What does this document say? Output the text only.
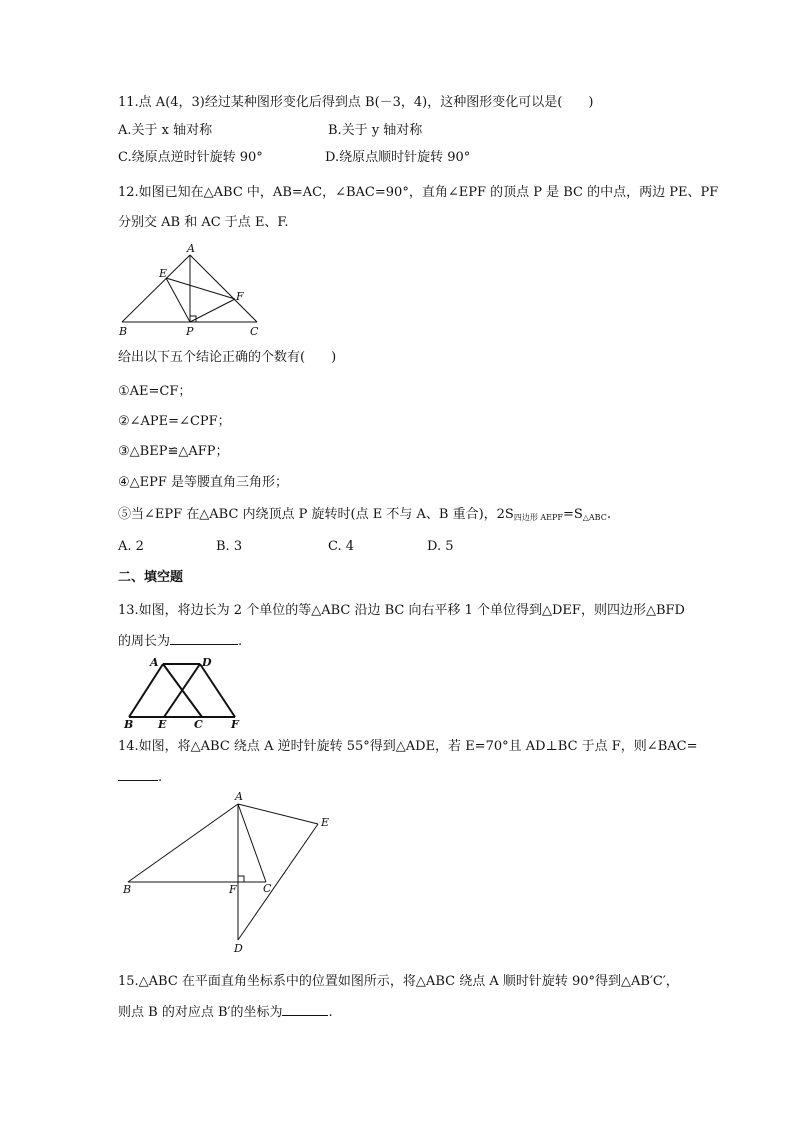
11.点 A(4，3)经过某种图形变化后得到点 B(－3，4)，这种图形变化可以是(　　)
A.关于 x 轴对称	B.关于 y 轴对称
C.绕原点逆时针旋转 90°	D.绕原点顺时针旋转 90°
12.如图已知在△ABC 中，AB=AC，∠BAC=90°，直角∠EPF 的顶点 P 是 BC 的中点，两边 PE、PF
分别交 AB 和 AC 于点 E、F.
A
E
F
B	P	C
给出以下五个结论正确的个数有(　　)
①AE=CF；
②∠APE=∠CPF；
③△BEP≌△AFP；
④△EPF 是等腰直角三角形；
⑤当∠EPF 在△ABC 内绕顶点 P 旋转时(点 E 不与 A、B 重合)，$2S_{四边形 AEPF}=S_{\triangle ABC}$.
A. 2	B. 3	C. 4	D. 5
二、填空题
13.如图，将边长为 2 个单位的等△ABC 沿边 BC 向右平移 1 个单位得到△DEF，则四边形△BFD
的周长为	.
A	D
B E	C	F
14.如图，将△ABC 绕点 A 逆时针旋转 55°得到△ADE，若 E=70°且 AD⊥BC 于点 F，则∠BAC=
.
A
E
B	F C
D
15.△ABC 在平面直角坐标系中的位置如图所示，将△ABC 绕点 A 顺时针旋转 90°得到△AB′C′，
则点 B 的对应点 B′的坐标为	.
